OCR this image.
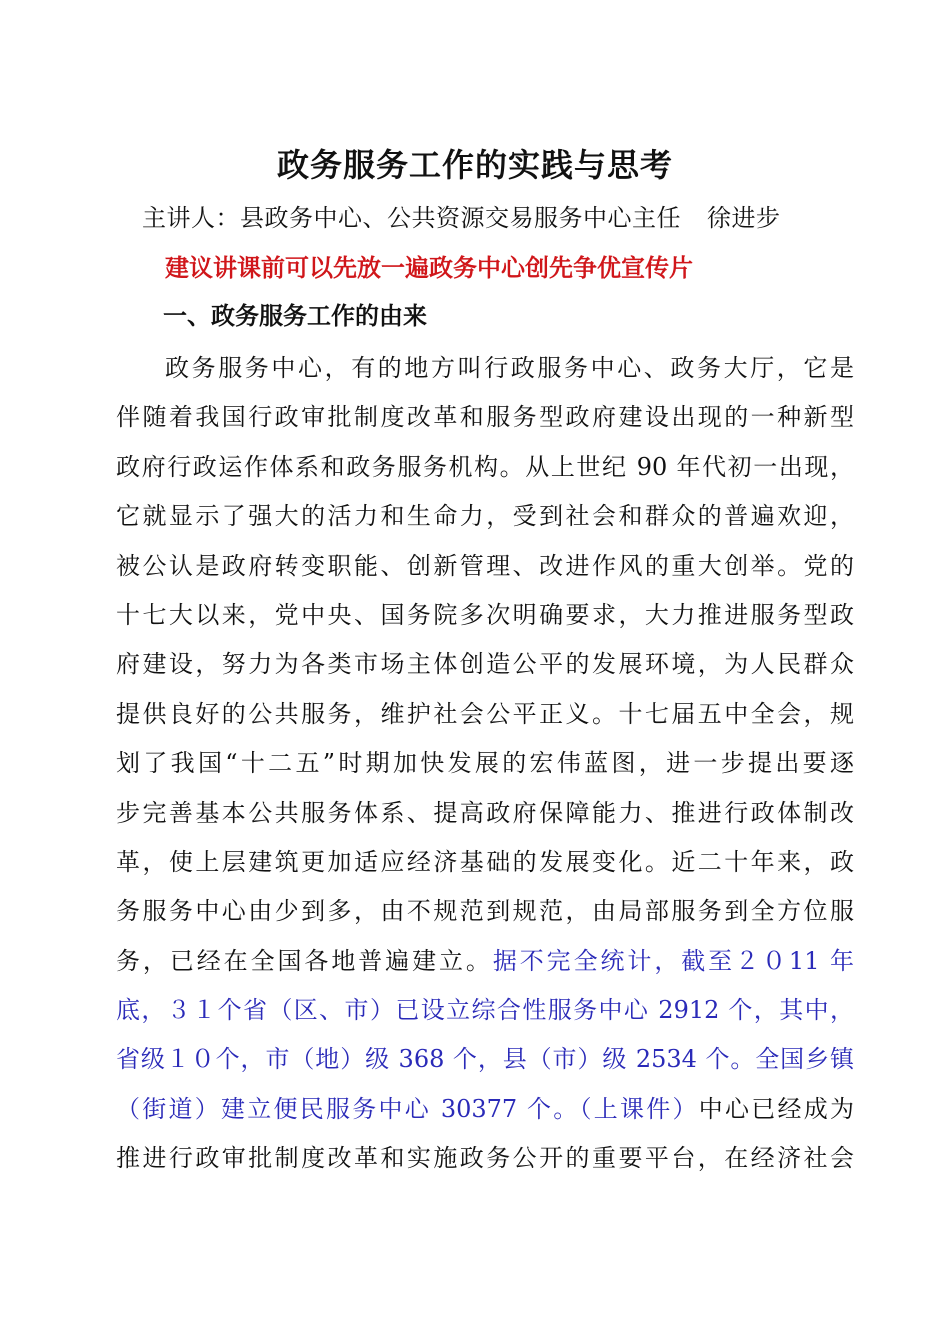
政务服务工作的实践与思考
主讲人：县政务中心、公共资源交易服务中心主任 徐进步
建议讲课前可以先放一遍政务中心创先争优宣传片
一、政务服务工作的由来
政务服务中心，有的地方叫行政服务中心、政务大厅，它是
伴随着我国行政审批制度改革和服务型政府建设出现的一种新型
政府行政运作体系和政务服务机构。从上世纪 90 年代初一出现，
它就显示了强大的活力和生命力，受到社会和群众的普遍欢迎，
被公认是政府转变职能、创新管理、改进作风的重大创举。党的
十七大以来，党中央、国务院多次明确要求，大力推进服务型政
府建设，努力为各类市场主体创造公平的发展环境，为人民群众
提供良好的公共服务，维护社会公平正义。十七届五中全会，规
划了我国“十二五”时期加快发展的宏伟蓝图，进一步提出要逐
步完善基本公共服务体系、提高政府保障能力、推进行政体制改
革，使上层建筑更加适应经济基础的发展变化。近二十年来，政
务服务中心由少到多，由不规范到规范，由局部服务到全方位服
务，已经在全国各地普遍建立。据不完全统计，截至２０11 年
底，３１个省（区、市）已设立综合性服务中心 2912 个，其中，
省级１０个，市（地）级 368 个，县（市）级 2534 个。全国乡镇
（街道）建立便民服务中心 30377 个。（上课件）中心已经成为
推进行政审批制度改革和实施政务公开的重要平台，在经济社会
